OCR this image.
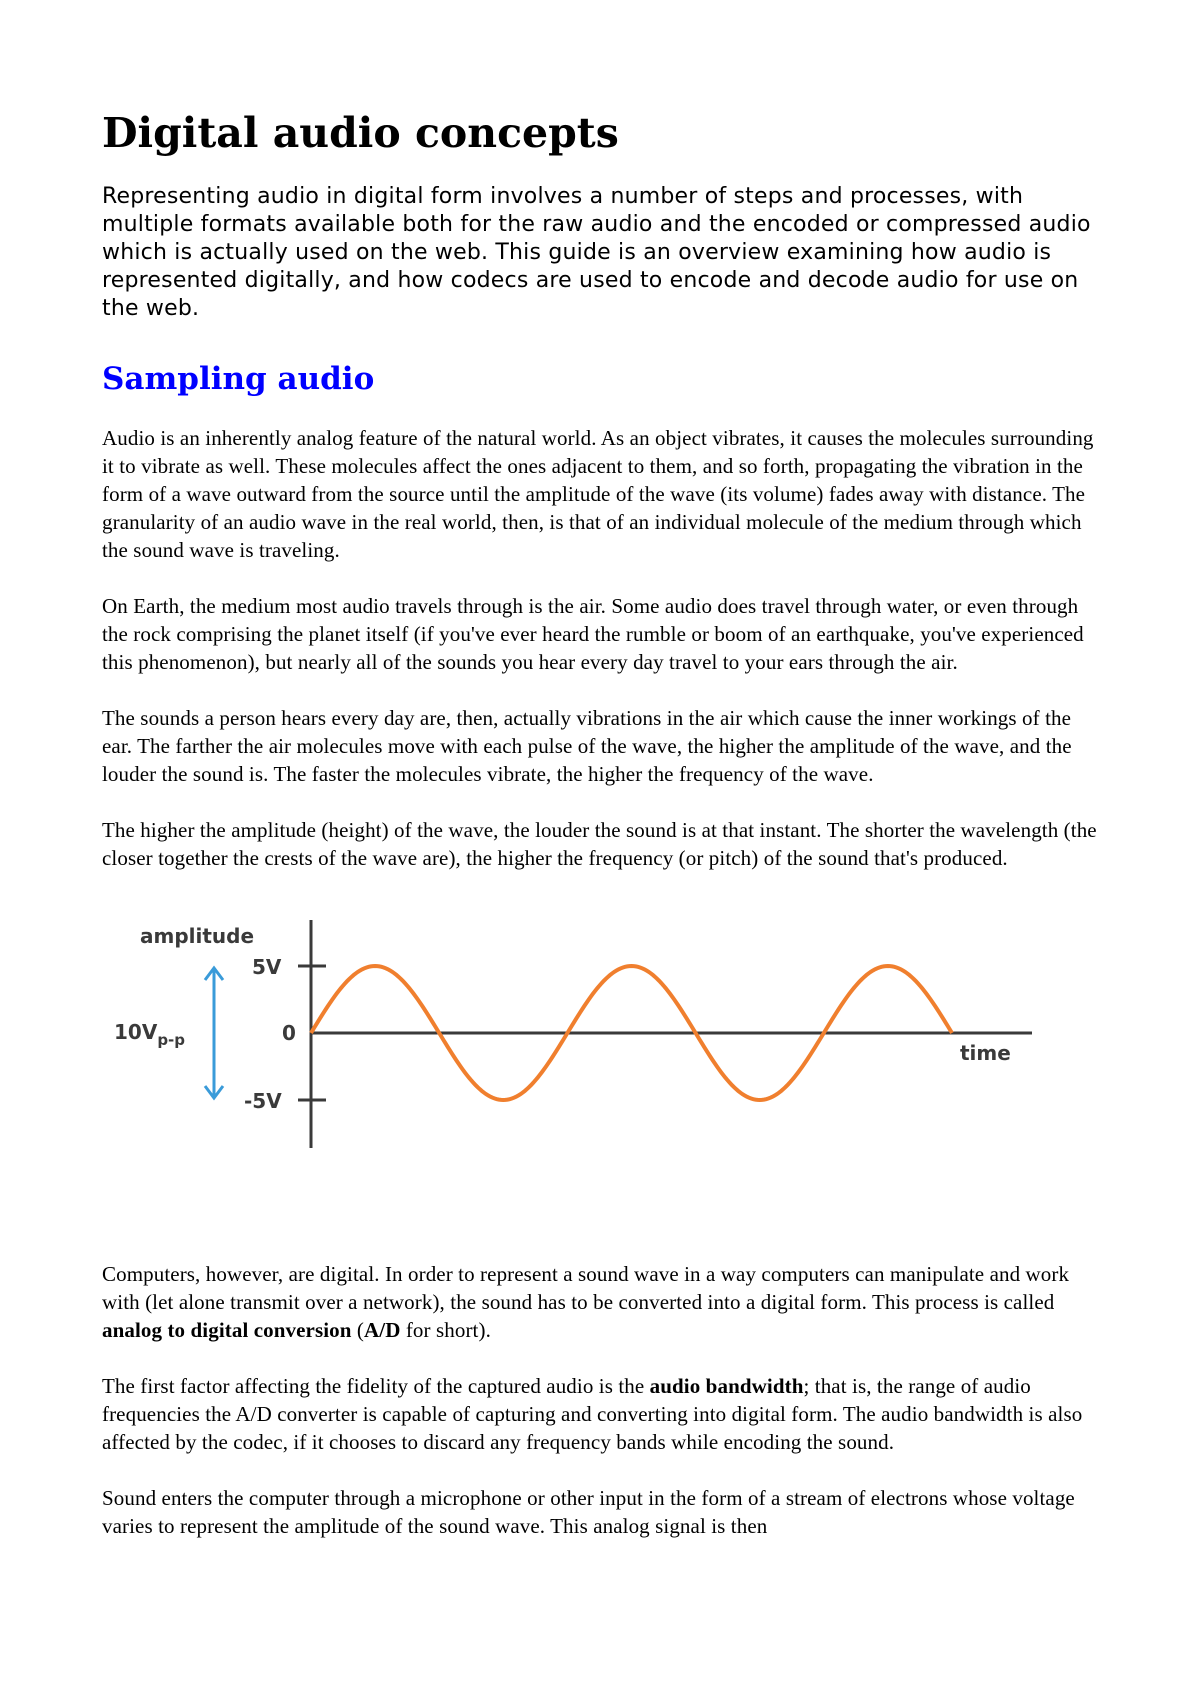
Digital audio concepts

Representing audio in digital form involves a number of steps and processes, with multiple formats available both for the raw audio and the encoded or compressed audio which is actually used on the web. This guide is an overview examining how audio is represented digitally, and how codecs are used to encode and decode audio for use on the web.

Sampling audio

Audio is an inherently analog feature of the natural world. As an object vibrates, it causes the molecules surrounding it to vibrate as well. These molecules affect the ones adjacent to them, and so forth, propagating the vibration in the form of a wave outward from the source until the amplitude of the wave (its volume) fades away with distance. The granularity of an audio wave in the real world, then, is that of an individual molecule of the medium through which the sound wave is traveling.

On Earth, the medium most audio travels through is the air. Some audio does travel through water, or even through the rock comprising the planet itself (if you've ever heard the rumble or boom of an earthquake, you've experienced this phenomenon), but nearly all of the sounds you hear every day travel to your ears through the air.

The sounds a person hears every day are, then, actually vibrations in the air which cause the inner workings of the ear. The farther the air molecules move with each pulse of the wave, the higher the amplitude of the wave, and the louder the sound is. The faster the molecules vibrate, the higher the frequency of the wave.

The higher the amplitude (height) of the wave, the louder the sound is at that instant. The shorter the wavelength (the closer together the crests of the wave are), the higher the frequency (or pitch) of the sound that's produced.

amplitude
5V
0
-5V
time
$10V_{p-p}$

Computers, however, are digital. In order to represent a sound wave in a way computers can manipulate and work with (let alone transmit over a network), the sound has to be converted into a digital form. This process is called analog to digital conversion (A/D for short).

The first factor affecting the fidelity of the captured audio is the audio bandwidth; that is, the range of audio frequencies the A/D converter is capable of capturing and converting into digital form. The audio bandwidth is also affected by the codec, if it chooses to discard any frequency bands while encoding the sound.

Sound enters the computer through a microphone or other input in the form of a stream of electrons whose voltage varies to represent the amplitude of the sound wave. This analog signal is then
